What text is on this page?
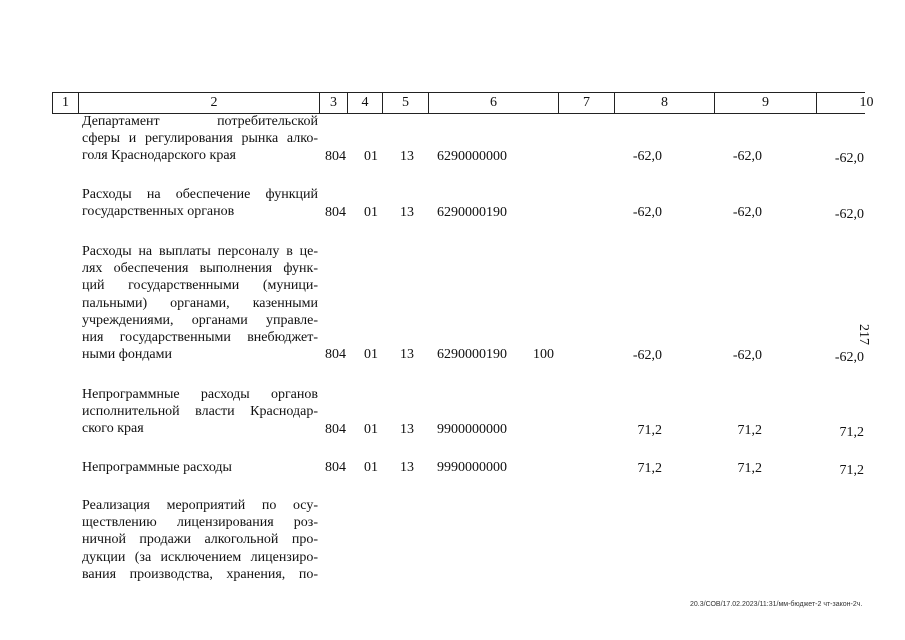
1	2	3	4	5	6	7	8	9	10
Департамент потребительской
сферы и регулирования рынка алко-
голя Краснодарского края	804 01 13 6290000000	-62,0	-62,0	-62,0
Расходы на обеспечение функций
государственных органов	804 01 13 6290000190	-62,0	-62,0	-62,0
Расходы на выплаты персоналу в це-
лях обеспечения выполнения функ-
ций государственными (муници-
пальными) органами, казенными
учреждениями, органами управле-
ния государственными внебюджет-
ными фондами	804 01 13 6290000190 100	-62,0	-62,0	-62,0
Непрограммные расходы органов
исполнительной власти Краснодар-
ского края	804 01 13 9900000000	71,2	71,2	71,2
Непрограммные расходы	804 01 13 9990000000	71,2	71,2	71,2
Реализация мероприятий по осу-
ществлению лицензирования роз-
ничной продажи алкогольной про-
дукции (за исключением лицензиро-
вания производства, хранения, по-
217
20.3/СОВ/17.02.2023/11:31/мм-бюджет-2 чт-закон-2ч.
